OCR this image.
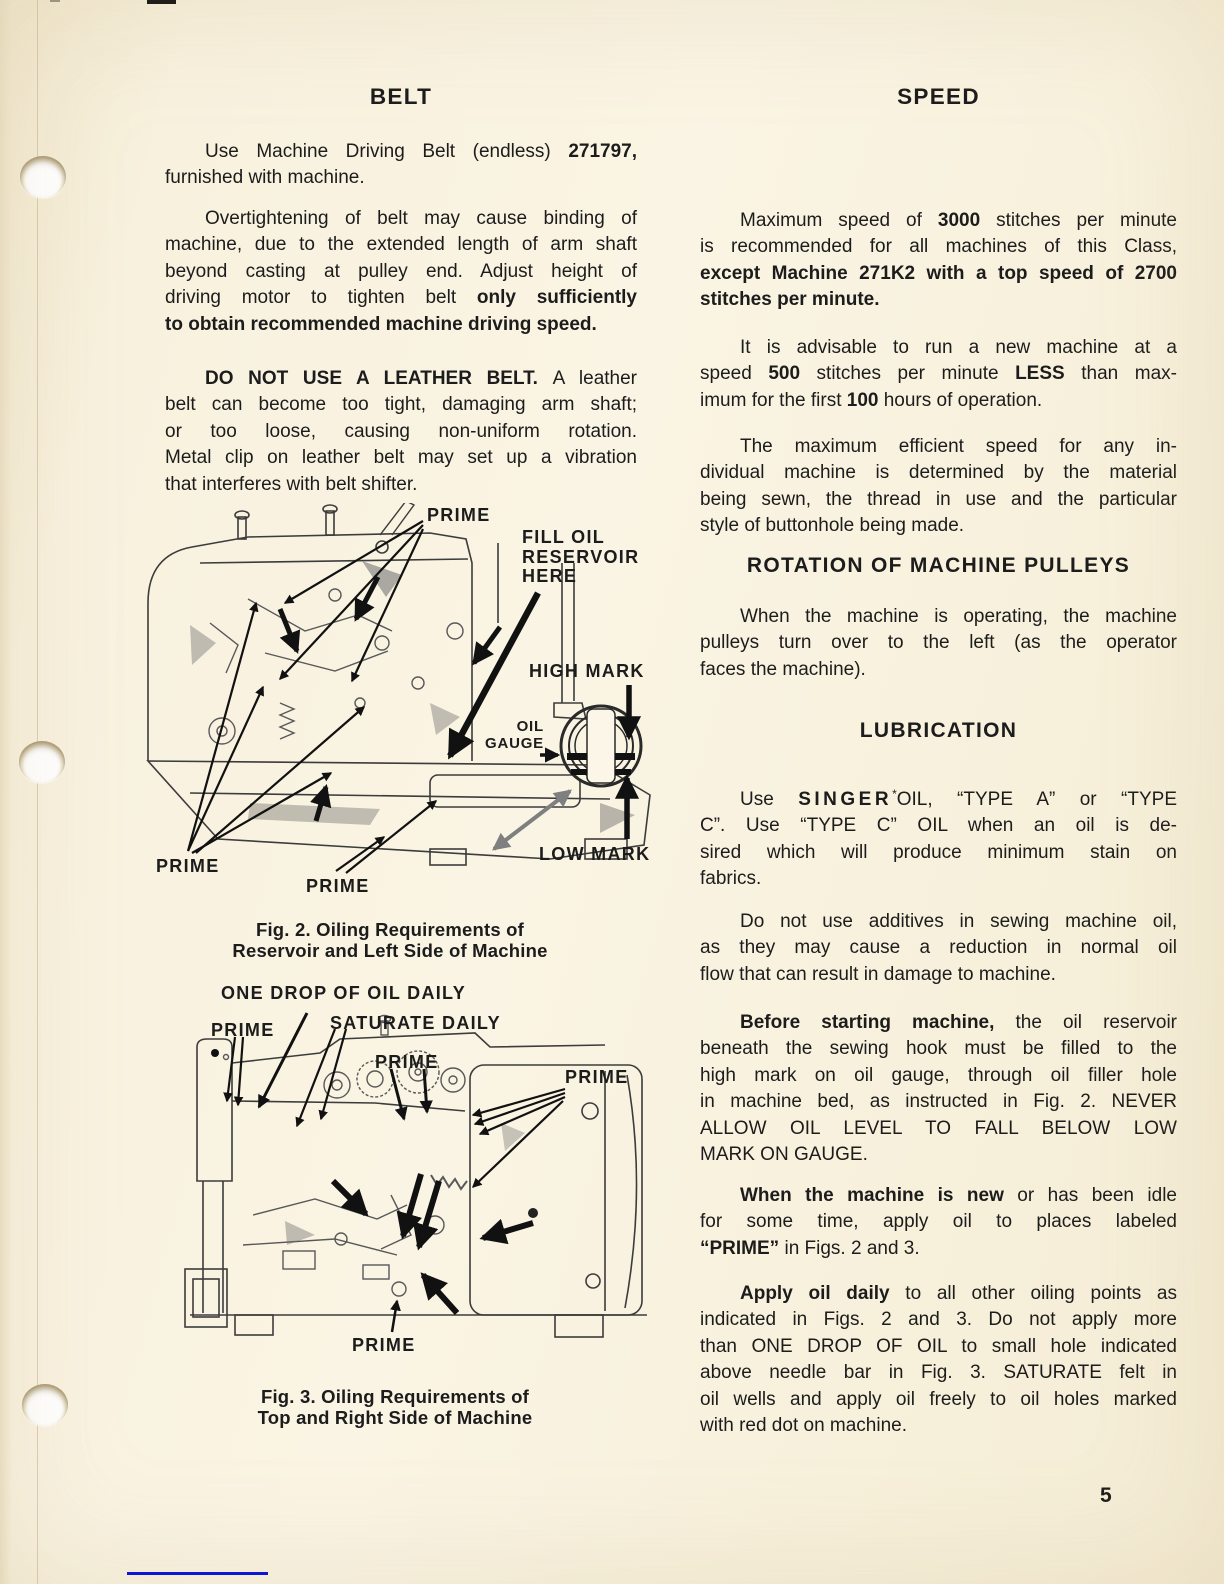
BELT	SPEED
ROTATION OF MACHINE PULLEYS
LUBRICATION
Use Machine Driving Belt (endless) 271797,
furnished with machine.
Overtightening of belt may cause binding of
machine, due to the extended length of arm shaft
beyond casting at pulley end. Adjust height of
driving motor to tighten belt only sufficiently
to obtain recommended machine driving speed.
DO NOT USE A LEATHER BELT. A leather
belt can become too tight, damaging arm shaft;
or too loose, causing non-uniform rotation.
Metal clip on leather belt may set up a vibration
that interferes with belt shifter.
Maximum speed of 3000 stitches per minute
is recommended for all machines of this Class,
except Machine 271K2 with a top speed of 2700
stitches per minute.
It is advisable to run a new machine at a
speed 500 stitches per minute LESS than max-
imum for the first 100 hours of operation.
The maximum efficient speed for any in-
dividual machine is determined by the material
being sewn, the thread in use and the particular
style of buttonhole being made.
When the machine is operating, the machine
pulleys turn over to the left (as the operator
faces the machine).
Use SINGER*OIL, “TYPE A” or “TYPE
C”. Use “TYPE C” OIL when an oil is de-
sired which will produce minimum stain on
fabrics.
Do not use additives in sewing machine oil,
as they may cause a reduction in normal oil
flow that can result in damage to machine.
Before starting machine, the oil reservoir
beneath the sewing hook must be filled to the
high mark on oil gauge, through oil filler hole
in machine bed, as instructed in Fig. 2. NEVER
ALLOW OIL LEVEL TO FALL BELOW LOW
MARK ON GAUGE.
When the machine is new or has been idle
for some time, apply oil to places labeled
“PRIME” in Figs. 2 and 3.
Apply oil daily to all other oiling points as
indicated in Figs. 2 and 3. Do not apply more
than ONE DROP OF OIL to small hole indicated
above needle bar in Fig. 3. SATURATE felt in
oil wells and apply oil freely to oil holes marked
with red dot on machine.
PRIME
FILL OIL
RESERVOIR
HERE
HIGH MARK
OIL
GAUGE
LOW MARK
PRIME
PRIME
Fig. 2. Oiling Requirements of
Reservoir and Left Side of Machine
ONE DROP OF OIL DAILY
PRIME	SATURATE DAILY
PRIME
PRIME
PRIME
Fig. 3. Oiling Requirements of
Top and Right Side of Machine
5
